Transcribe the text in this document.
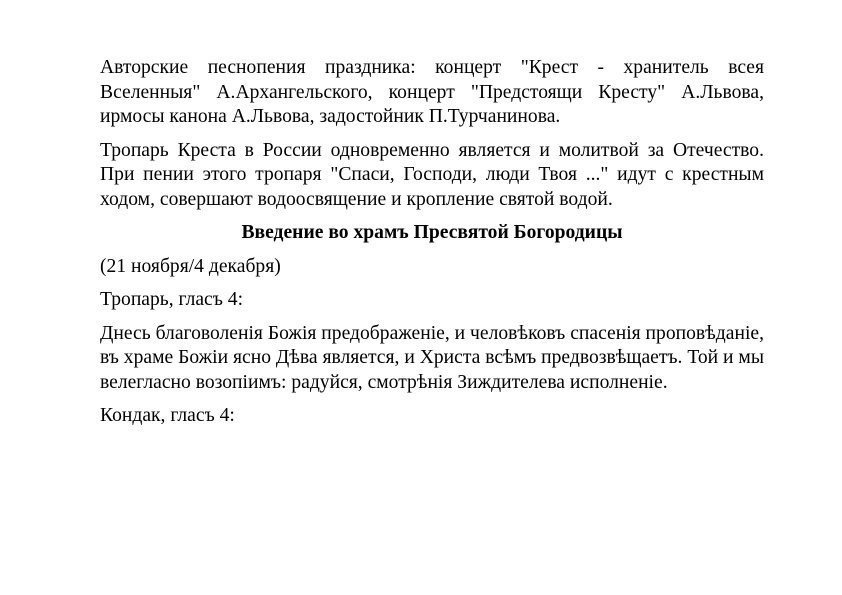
Авторские песнопения праздника: концерт "Крест - хранитель всея Вселенныя" А.Архангельского, концерт "Предстоящи Кресту" А.Львова, ирмосы канона А.Львова, задостойник П.Турчанинова.

Тропарь Креста в России одновременно является и молитвой за Отечество. При пении этого тропаря "Спаси, Господи, люди Твоя ..." идут с крестным ходом, совершают водоосвящение и кропление святой водой.

Введение во храмъ Пресвятой Богородицы

(21 ноября/4 декабря)

Тропарь, гласъ 4:

Днесь благоволенія Божія предображеніе, и человѣковъ спасенія проповѣданіе, въ храме Божіи ясно Дѣва является, и Христа всѣмъ предвозвѣщаетъ. Той и мы велегласно возопіимъ: радуйся, смотрѣнія Зиждителева исполненіе.

Кондак, гласъ 4:
